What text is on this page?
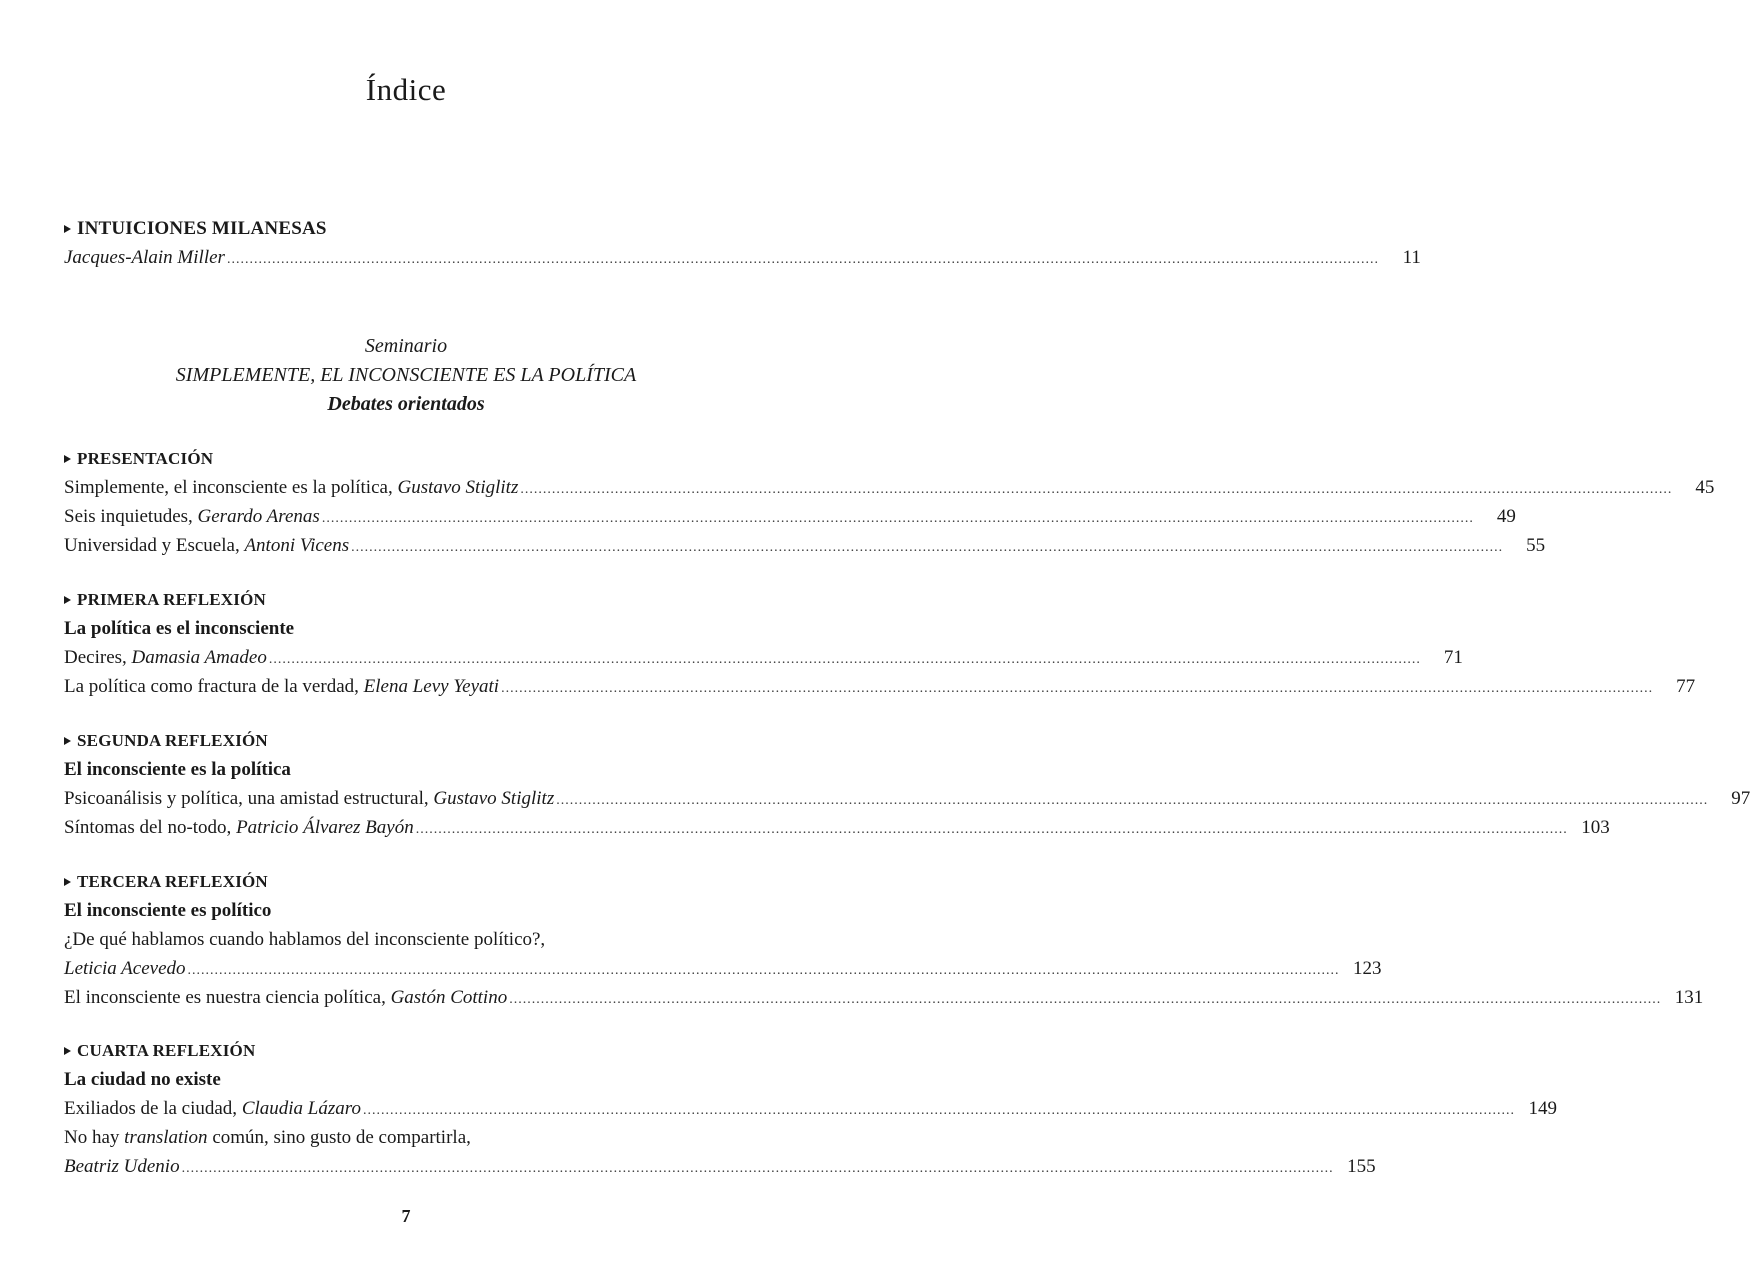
Índice
INTUICIONES MILANESAS
Jacques-Alain Miller ................................................................................................................................................................................................................................................................	11
Seminario
SIMPLEMENTE, EL INCONSCIENTE ES LA POLÍTICA
Debates orientados
PRESENTACIÓN
Simplemente, el inconsciente es la política, Gustavo Stiglitz ................................................................................................................................................................................................................................................................	45
Seis inquietudes, Gerardo Arenas ................................................................................................................................................................................................................................................................	49
Universidad y Escuela, Antoni Vicens ................................................................................................................................................................................................................................................................	55
PRIMERA REFLEXIÓN
La política es el inconsciente
Decires, Damasia Amadeo ................................................................................................................................................................................................................................................................	71
La política como fractura de la verdad, Elena Levy Yeyati ................................................................................................................................................................................................................................................................	77
SEGUNDA REFLEXIÓN
El inconsciente es la política
Psicoanálisis y política, una amistad estructural, Gustavo Stiglitz ................................................................................................................................................................................................................................................................	97
Síntomas del no-todo, Patricio Álvarez Bayón ................................................................................................................................................................................................................................................................ 103
TERCERA REFLEXIÓN
El inconsciente es político
¿De qué hablamos cuando hablamos del inconsciente político?,
Leticia Acevedo ................................................................................................................................................................................................................................................................ 123
El inconsciente es nuestra ciencia política, Gastón Cottino ................................................................................................................................................................................................................................................................ 131
CUARTA REFLEXIÓN
La ciudad no existe
Exiliados de la ciudad, Claudia Lázaro ................................................................................................................................................................................................................................................................ 149
No hay translation común, sino gusto de compartirla,
Beatriz Udenio ................................................................................................................................................................................................................................................................ 155
7
